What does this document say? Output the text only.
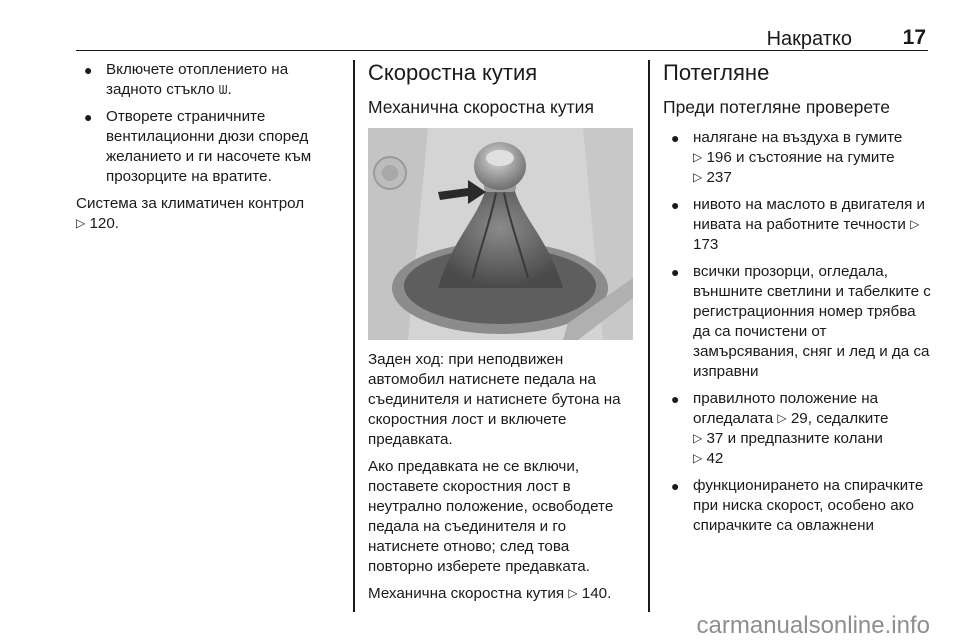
Накратко 17
● Включете отоплението на задното стъкло ᗯ.
● Отворете страничните вентилационни дюзи според желанието и ги насочете към прозорците на вратите.
Система за климатичен контрол
▷ 120.
Скоростна кутия
Механична скоростна кутия
Заден ход: при неподвижен автомобил натиснете педала на съединителя и натиснете бутона на скоростния лост и включете предавката.
Ако предавката не се включи, поставете скоростния лост в неутрално положение, освободете педала на съединителя и го натиснете отново; след това повторно изберете предавката.
Механична скоростна кутия ▷ 140.
Потегляне
Преди потегляне проверете
● налягане на въздуха в гумите
▷ 196 и състояние на гумите
▷ 237
● нивото на маслото в двигателя и нивата на работните течности ▷ 173
● всички прозорци, огледала, външните светлини и табелките с регистрационния номер трябва да са почистени от замърсявания, сняг и лед и да са изправни
● правилното положение на огледалата ▷ 29, седалките
▷ 37 и предпазните колани
▷ 42
● функционирането на спирачките при ниска скорост, особено ако спирачките са овлажнени
carmanualsonline.info
